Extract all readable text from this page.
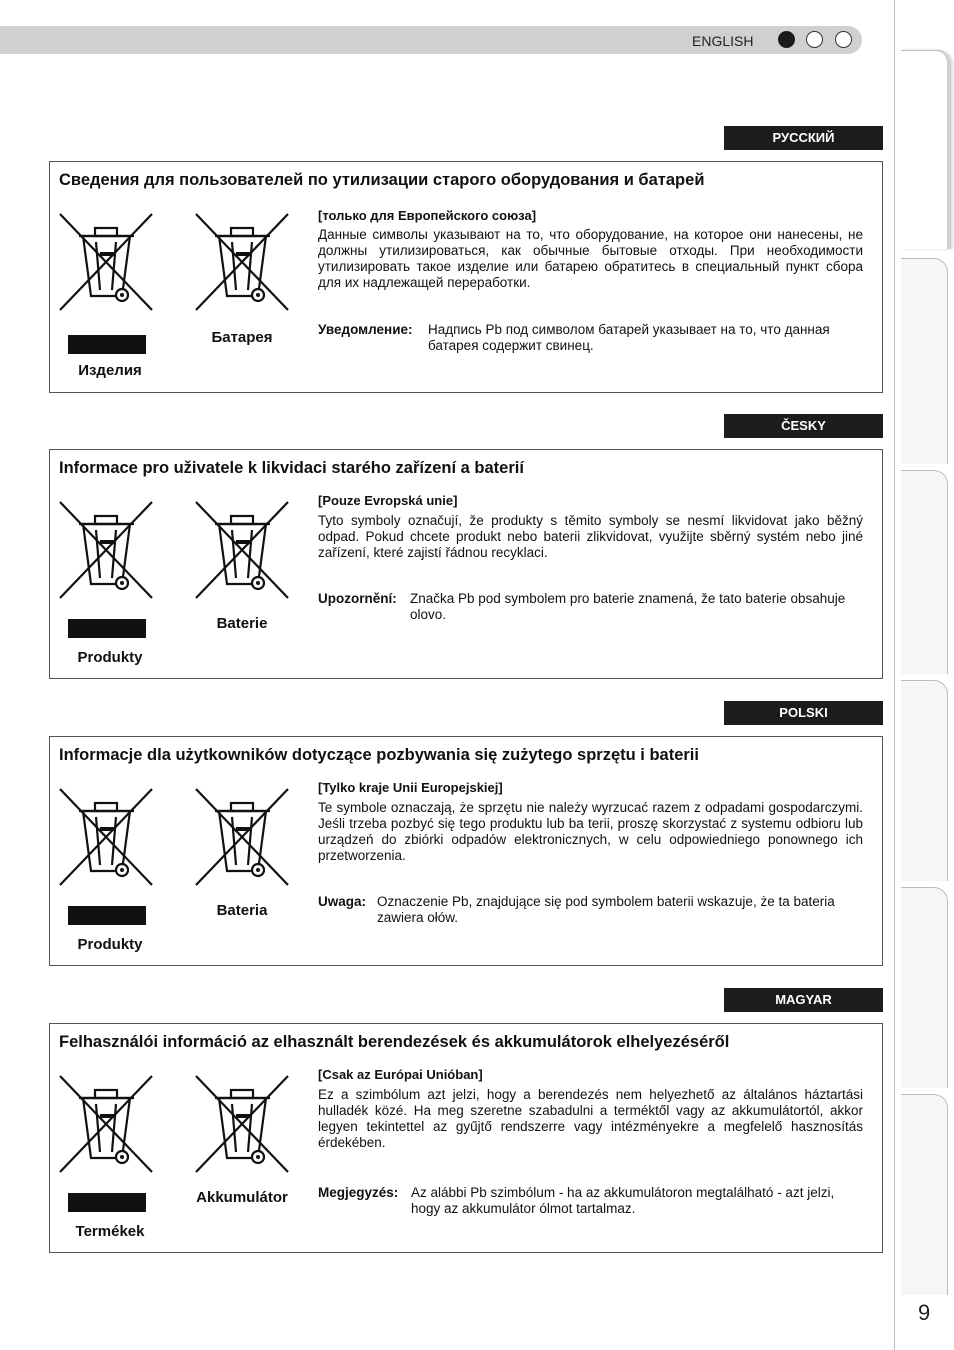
ENGLISH
9
РУССКИЙ
Сведения для пользователей по утилизации старого оборудования и батарей
Изделия
Батарея
[только для Европейского союза]
Данные символы указывают на то, что оборудование, на которое они нанесены, не должны утилизироваться, как обычные бытовые отходы. При необходимости утилизировать такое изделие или батарею обратитесь в специальный пункт сбора для их надлежащей переработки.
Уведомление: Надпись Pb под символом батарей указывает на то, что данная батарея содержит свинец.
ČESKY
Informace pro uživatele k likvidaci starého zařízení a baterií
Produkty
Baterie
[Pouze Evropská unie]
Tyto symboly označují, že produkty s těmito symboly se nesmí likvidovat jako běžný odpad. Pokud chcete produkt nebo baterii zlikvidovat, využijte sběrný systém nebo jiné zařízení, které zajistí řádnou recyklaci.
Upozornění: Značka Pb pod symbolem pro baterie znamená, že tato baterie obsahuje olovo.
POLSKI
Informacje dla użytkowników dotyczące pozbywania się zużytego sprzętu i baterii
Produkty
Bateria
[Tylko kraje Unii Europejskiej]
Te symbole oznaczają, że sprzętu nie należy wyrzucać razem z odpadami gospodarczymi. Jeśli trzeba pozbyć się tego produktu lub ba terii, proszę skorzystać z systemu odbioru lub urządzeń do zbiórki odpadów elektronicznych, w celu odpowiedniego ponownego ich przetworzenia.
Uwaga: Oznaczenie Pb, znajdujące się pod symbolem baterii wskazuje, że ta bateria zawiera ołów.
MAGYAR
Felhasználói információ az elhasznált berendezések és akkumulátorok elhelyezéséről
Termékek
Akkumulátor
[Csak az Európai Unióban]
Ez a szimbólum azt jelzi, hogy a berendezés nem helyezhető az általános háztartási hulladék közé. Ha meg szeretne szabadulni a terméktől vagy az akkumulátortól, akkor legyen tekintettel az gyűjtő rendszerre vagy intézményekre a megfelelő hasznosítás érdekében.
Megjegyzés: Az alábbi Pb szimbólum - ha az akkumulátoron megtalálható - azt jelzi, hogy az akkumulátor ólmot tartalmaz.
